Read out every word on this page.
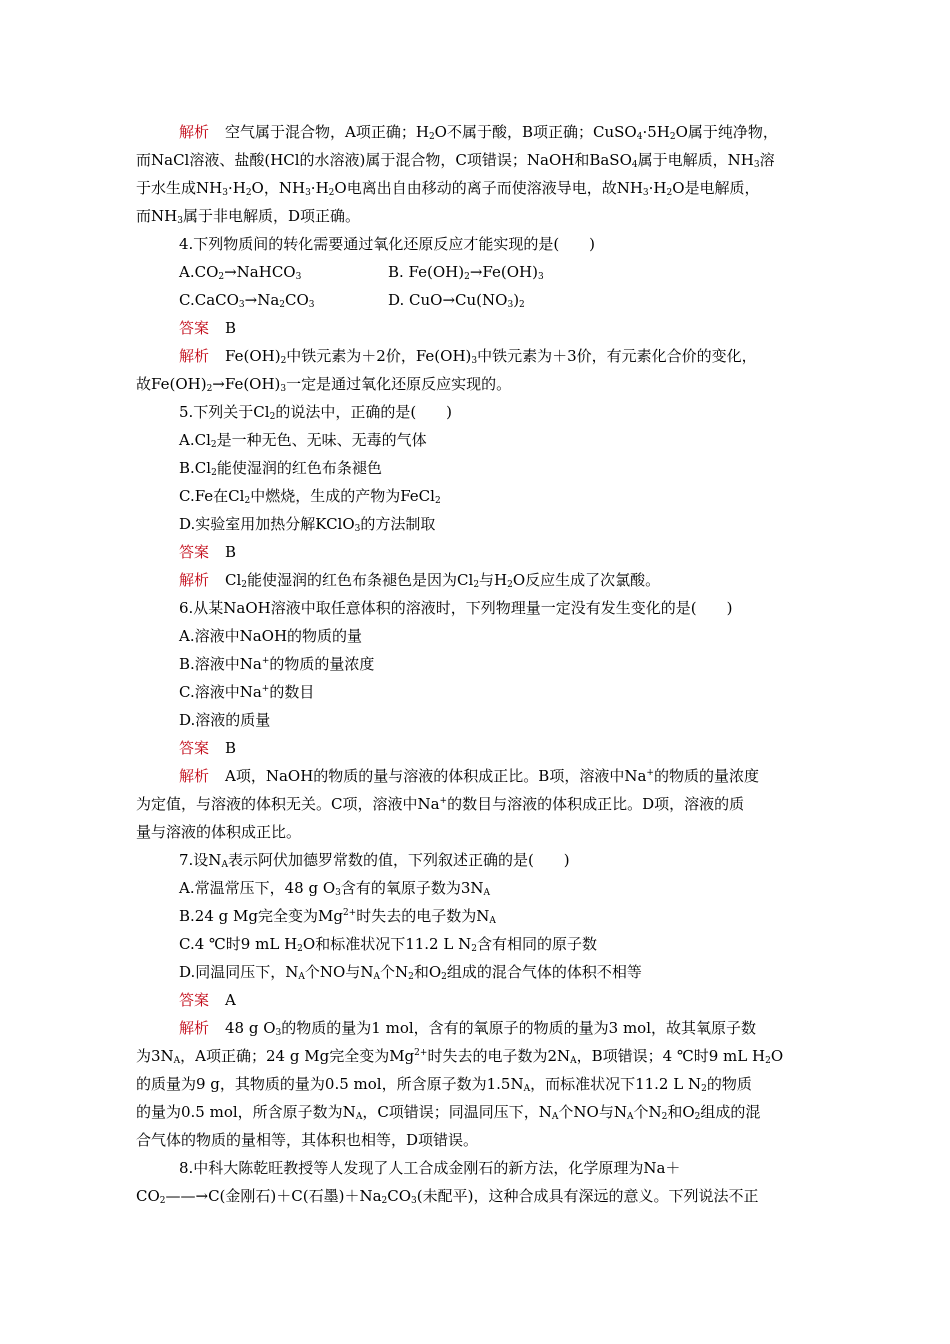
解析 空气属于混合物，A项正确；$H_2O$不属于酸，B项正确；$CuSO_4\cdot 5H_2O$属于纯净物，
而NaCl溶液、盐酸(HCl的水溶液)属于混合物，C项错误；NaOH和BaSO$_4$属于电解质，$NH_3$溶
于水生成$NH_3\cdot H_2O$，$NH_3\cdot H_2O$电离出自由移动的离子而使溶液导电，故$NH_3\cdot H_2O$是电解质，
而$NH_3$属于非电解质，D项正确。
4.下列物质间的转化需要通过氧化还原反应才能实现的是(　　)
$A.CO_2\to NaHCO_3$	B. $Fe(OH)_2\to Fe(OH)_3$
$C.CaCO_3\to Na_2CO_3$	D. $CuO\to Cu(NO_3)_2$
答案 B
解析 $Fe(OH)_2$中铁元素为＋2价，$Fe(OH)_3$中铁元素为＋3价，有元素化合价的变化，
故$Fe(OH)_2\to Fe(OH)_3$一定是通过氧化还原反应实现的。
5.下列关于$Cl_2$的说法中，正确的是(　　)
$A.Cl_2$是一种无色、无味、无毒的气体
$B.Cl_2$能使湿润的红色布条褪色
C.Fe在$Cl_2$中燃烧，生成的产物为FeCl$_2$
D.实验室用加热分解KClO$_3$的方法制取
答案 B
解析 $Cl_2$能使湿润的红色布条褪色是因为$Cl_2$与$H_2O$反应生成了次氯酸。
6.从某NaOH溶液中取任意体积的溶液时，下列物理量一定没有发生变化的是(　　)
A.溶液中NaOH的物质的量
B.溶液中Na+的物质的量浓度
C.溶液中Na+的数目
D.溶液的质量
答案 B
解析 A项，NaOH的物质的量与溶液的体积成正比。B项，溶液中Na+的物质的量浓度
为定值，与溶液的体积无关。C项，溶液中Na+的数目与溶液的体积成正比。D项，溶液的质
量与溶液的体积成正比。
7.设$N_A$表示阿伏加德罗常数的值，下列叙述正确的是(　　)
A.常温常压下，48 g $O_3$含有的氧原子数为$3N_A$
B.24 g Mg完全变为$Mg^{2+}$时失去的电子数为$N_A$
C.4 ℃时9 mL $H_2O$和标准状况下11.2 L $N_2$含有相同的原子数
D.同温同压下，$N_A$个NO与$N_A$个$N_2$和$O_2$组成的混合气体的体积不相等
答案 A
解析 48 g $O_3$的物质的量为1 mol，含有的氧原子的物质的量为3 mol，故其氧原子数
为$3N_A$，A项正确；24 g Mg完全变为$Mg^{2+}$时失去的电子数为$2N_A$，B项错误；4 ℃时9 mL $H_2O$
的质量为9 g，其物质的量为0.5 mol，所含原子数为$1.5N_A$，而标准状况下11.2 L $N_2$的物质
的量为0.5 mol，所含原子数为$N_A$，C项错误；同温同压下，$N_A$个NO与$N_A$个$N_2$和$O_2$组成的混
合气体的物质的量相等，其体积也相等，D项错误。
8.中科大陈乾旺教授等人发现了人工合成金刚石的新方法，化学原理为Na＋
$CO_2——\to C$(金刚石)＋C(石墨)$+Na_2CO_3$(未配平)，这种合成具有深远的意义。下列说法不正
